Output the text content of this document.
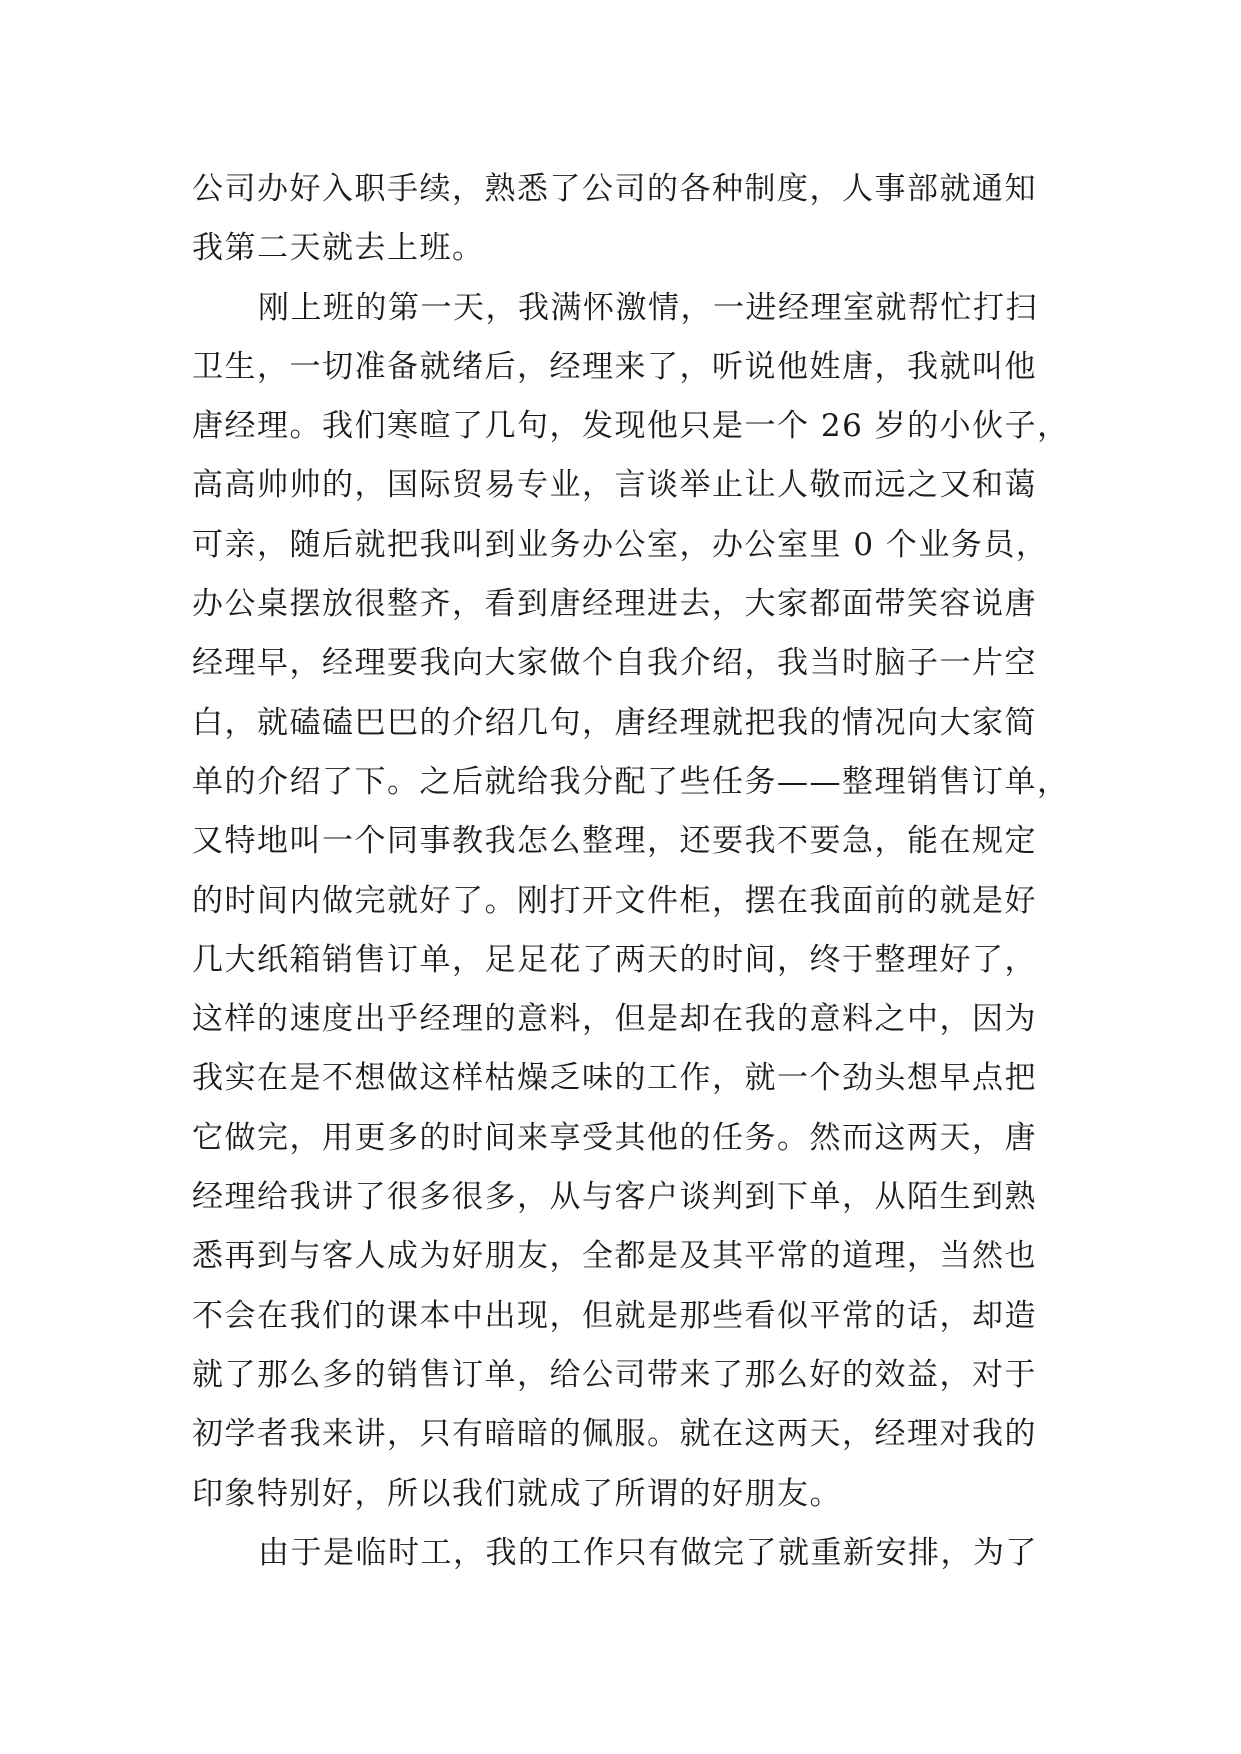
公司办好入职手续，熟悉了公司的各种制度，人事部就通知
我第二天就去上班。
刚上班的第一天，我满怀激情，一进经理室就帮忙打扫
卫生，一切准备就绪后，经理来了，听说他姓唐，我就叫他
唐经理。我们寒暄了几句，发现他只是一个 26 岁的小伙子，
高高帅帅的，国际贸易专业，言谈举止让人敬而远之又和蔼
可亲，随后就把我叫到业务办公室，办公室里 0 个业务员，
办公桌摆放很整齐，看到唐经理进去，大家都面带笑容说唐
经理早，经理要我向大家做个自我介绍，我当时脑子一片空
白，就磕磕巴巴的介绍几句，唐经理就把我的情况向大家简
单的介绍了下。之后就给我分配了些任务——整理销售订单，
又特地叫一个同事教我怎么整理，还要我不要急，能在规定
的时间内做完就好了。刚打开文件柜，摆在我面前的就是好
几大纸箱销售订单，足足花了两天的时间，终于整理好了，
这样的速度出乎经理的意料，但是却在我的意料之中，因为
我实在是不想做这样枯燥乏味的工作，就一个劲头想早点把
它做完，用更多的时间来享受其他的任务。然而这两天，唐
经理给我讲了很多很多，从与客户谈判到下单，从陌生到熟
悉再到与客人成为好朋友，全都是及其平常的道理，当然也
不会在我们的课本中出现，但就是那些看似平常的话，却造
就了那么多的销售订单，给公司带来了那么好的效益，对于
初学者我来讲，只有暗暗的佩服。就在这两天，经理对我的
印象特别好，所以我们就成了所谓的好朋友。
由于是临时工，我的工作只有做完了就重新安排，为了
